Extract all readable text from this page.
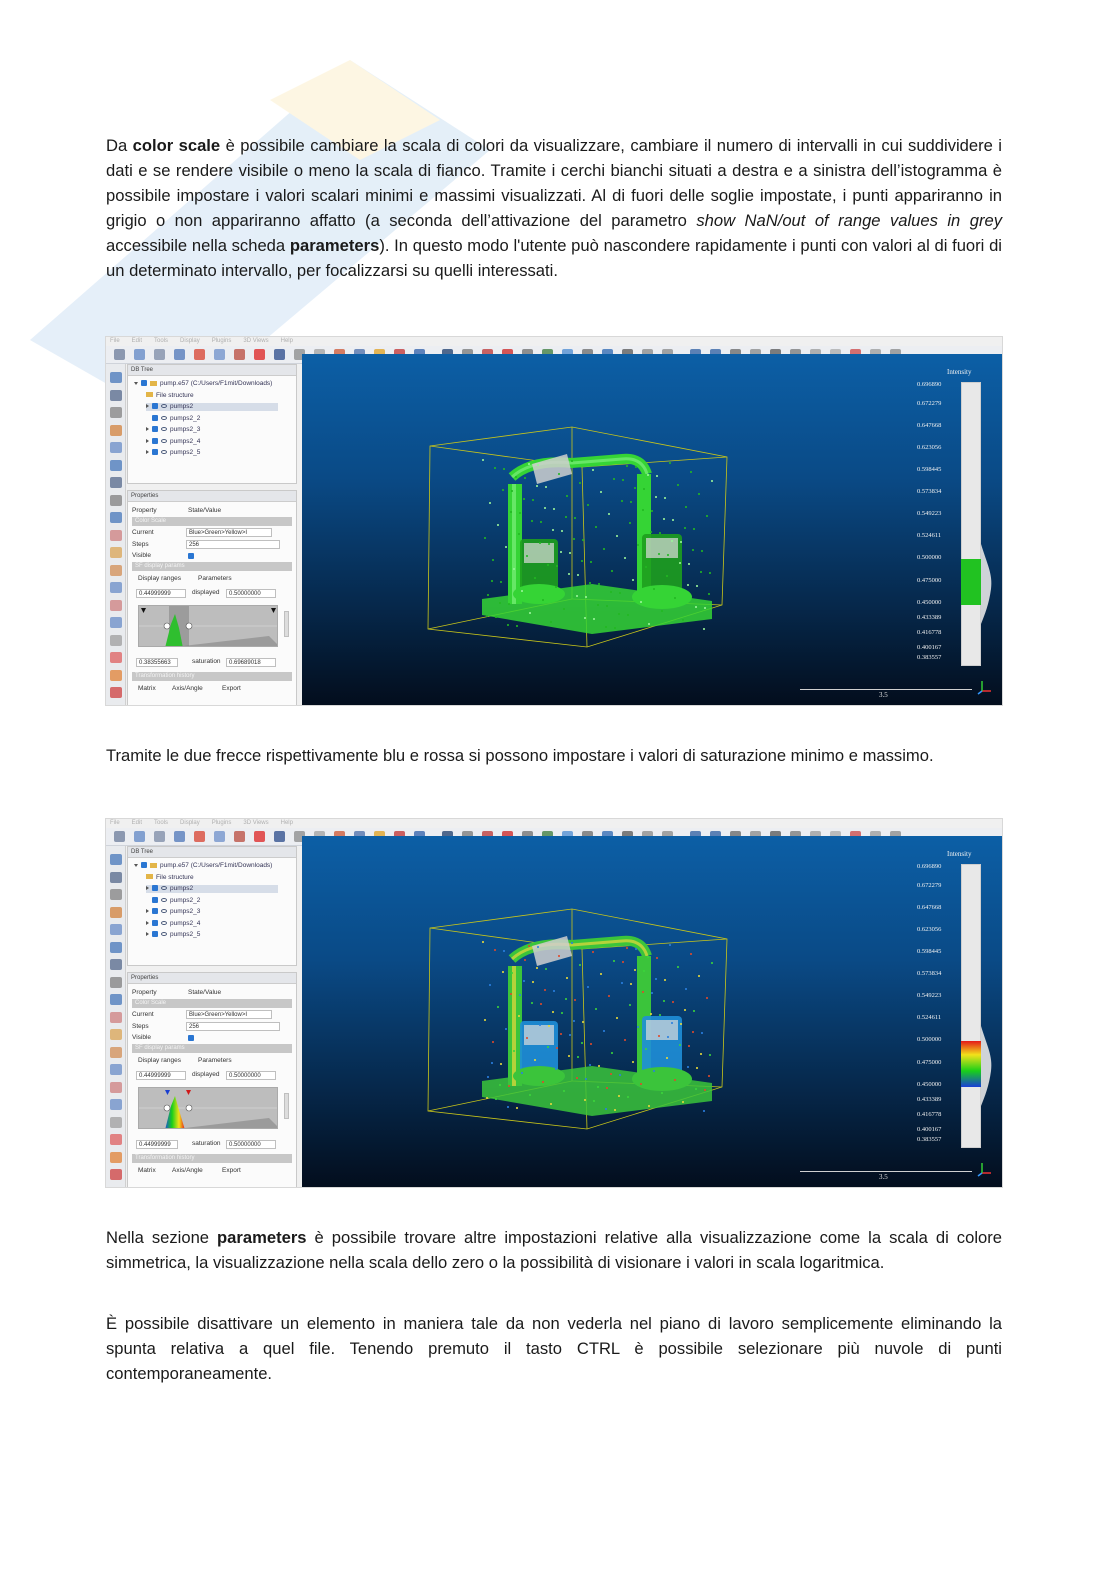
Da color scale è possibile cambiare la scala di colori da visualizzare, cambiare il numero di intervalli in cui suddividere i dati e se rendere visibile o meno la scala di fianco. Tramite i cerchi bianchi situati a destra e a sinistra dell’istogramma è possibile impostare i valori scalari minimi e massimi visualizzati. Al di fuori delle soglie impostate, i punti appariranno in grigio o non appariranno affatto (a seconda dell’attivazione del parametro show NaN/out of range values in grey accessibile nella scheda parameters). In questo modo l'utente può nascondere rapidamente i punti con valori al di fuori di un determinato intervallo, per focalizzarsi su quelli interessati.

File Edit Tools Display Plugins 3D Views Help
DB Tree
pump.e57 (C:/Users/F1mit/Downloads)
File structure
pumps2
pumps2_2
pumps2_3
pumps2_4
pumps2_5
Properties
Property	State/Value
Color Scale
Current	Blue>Green>Yellow>I
Steps	256
Visible
SF display params
Display ranges	Parameters
0.44999999	displayed	0.50000000
0.38355663	saturation	0.69689018
Transformation history
Matrix	Axis/Angle	Export
Intensity
0.696890
0.672279
0.647668
0.623056
0.598445
0.573834
0.549223
0.524611
0.500000
0.475000
0.450000
0.433389
0.416778
0.400167
0.383557
3.5

Tramite le due frecce rispettivamente blu e rossa si possono impostare i valori di saturazione minimo e massimo.

File Edit Tools Display Plugins 3D Views Help
DB Tree
pump.e57 (C:/Users/F1mit/Downloads)
File structure
pumps2
pumps2_2
pumps2_3
pumps2_4
pumps2_5
Properties
Property	State/Value
Color Scale
Current	Blue>Green>Yellow>I
Steps	256
Visible
SF display params
Display ranges	Parameters
0.44999999	displayed	0.50000000
0.44999999	saturation	0.50000000
Transformation history
Matrix	Axis/Angle	Export
Intensity
0.696890
0.672279
0.647668
0.623056
0.598445
0.573834
0.549223
0.524611
0.500000
0.475000
0.450000
0.433389
0.416778
0.400167
0.383557
3.5

Nella sezione parameters è possibile trovare altre impostazioni relative alla visualizzazione come la scala di colore simmetrica, la visualizzazione nella scala dello zero o la possibilità di visionare i valori in scala logaritmica.

È possibile disattivare un elemento in maniera tale da non vederla nel piano di lavoro semplicemente eliminando la spunta relativa a quel file. Tenendo premuto il tasto CTRL è possibile selezionare più nuvole di punti contemporaneamente.
